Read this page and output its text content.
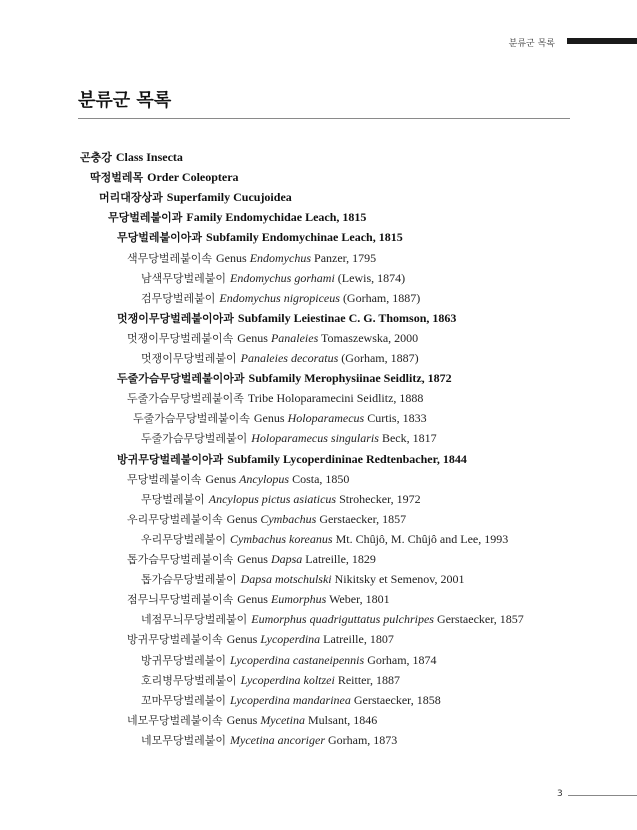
분류군 목록
분류군 목록
곤충강 Class Insecta
딱정벌레목 Order Coleoptera
머리대장상과 Superfamily Cucujoidea
무당벌레붙이과 Family Endomychidae Leach, 1815
무당벌레붙이아과 Subfamily Endomychinae Leach, 1815
색무당벌레붙이속 Genus Endomychus Panzer, 1795
남색무당벌레붙이 Endomychus gorhami (Lewis, 1874)
검무당벌레붙이 Endomychus nigropiceus (Gorham, 1887)
멋쟁이무당벌레붙이아과 Subfamily Leiestinae C. G. Thomson, 1863
멋쟁이무당벌레붙이속 Genus Panaleies Tomaszewska, 2000
멋쟁이무당벌레붙이 Panaleies decoratus (Gorham, 1887)
두줄가슴무당벌레붙이아과 Subfamily Merophysiinae Seidlitz, 1872
두줄가슴무당벌레붙이족 Tribe Holoparamecini Seidlitz, 1888
두줄가슴무당벌레붙이속 Genus Holoparamecus Curtis, 1833
두줄가슴무당벌레붙이 Holoparamecus singularis Beck, 1817
방귀무당벌레붙이아과 Subfamily Lycoperdininae Redtenbacher, 1844
무당벌레붙이속 Genus Ancylopus Costa, 1850
무당벌레붙이 Ancylopus pictus asiaticus Strohecker, 1972
우리무당벌레붙이속 Genus Cymbachus Gerstaecker, 1857
우리무당벌레붙이 Cymbachus koreanus Mt. Chûjô, M. Chûjô and Lee, 1993
톱가슴무당벌레붙이속 Genus Dapsa Latreille, 1829
톱가슴무당벌레붙이 Dapsa motschulski Nikitsky et Semenov, 2001
점무늬무당벌레붙이속 Genus Eumorphus Weber, 1801
네점무늬무당벌레붙이 Eumorphus quadriguttatus pulchripes Gerstaecker, 1857
방귀무당벌레붙이속 Genus Lycoperdina Latreille, 1807
방귀무당벌레붙이 Lycoperdina castaneipennis Gorham, 1874
호리병무당벌레붙이 Lycoperdina koltzei Reitter, 1887
꼬마무당벌레붙이 Lycoperdina mandarinea Gerstaecker, 1858
네모무당벌레붙이속 Genus Mycetina Mulsant, 1846
네모무당벌레붙이 Mycetina ancoriger Gorham, 1873
3
